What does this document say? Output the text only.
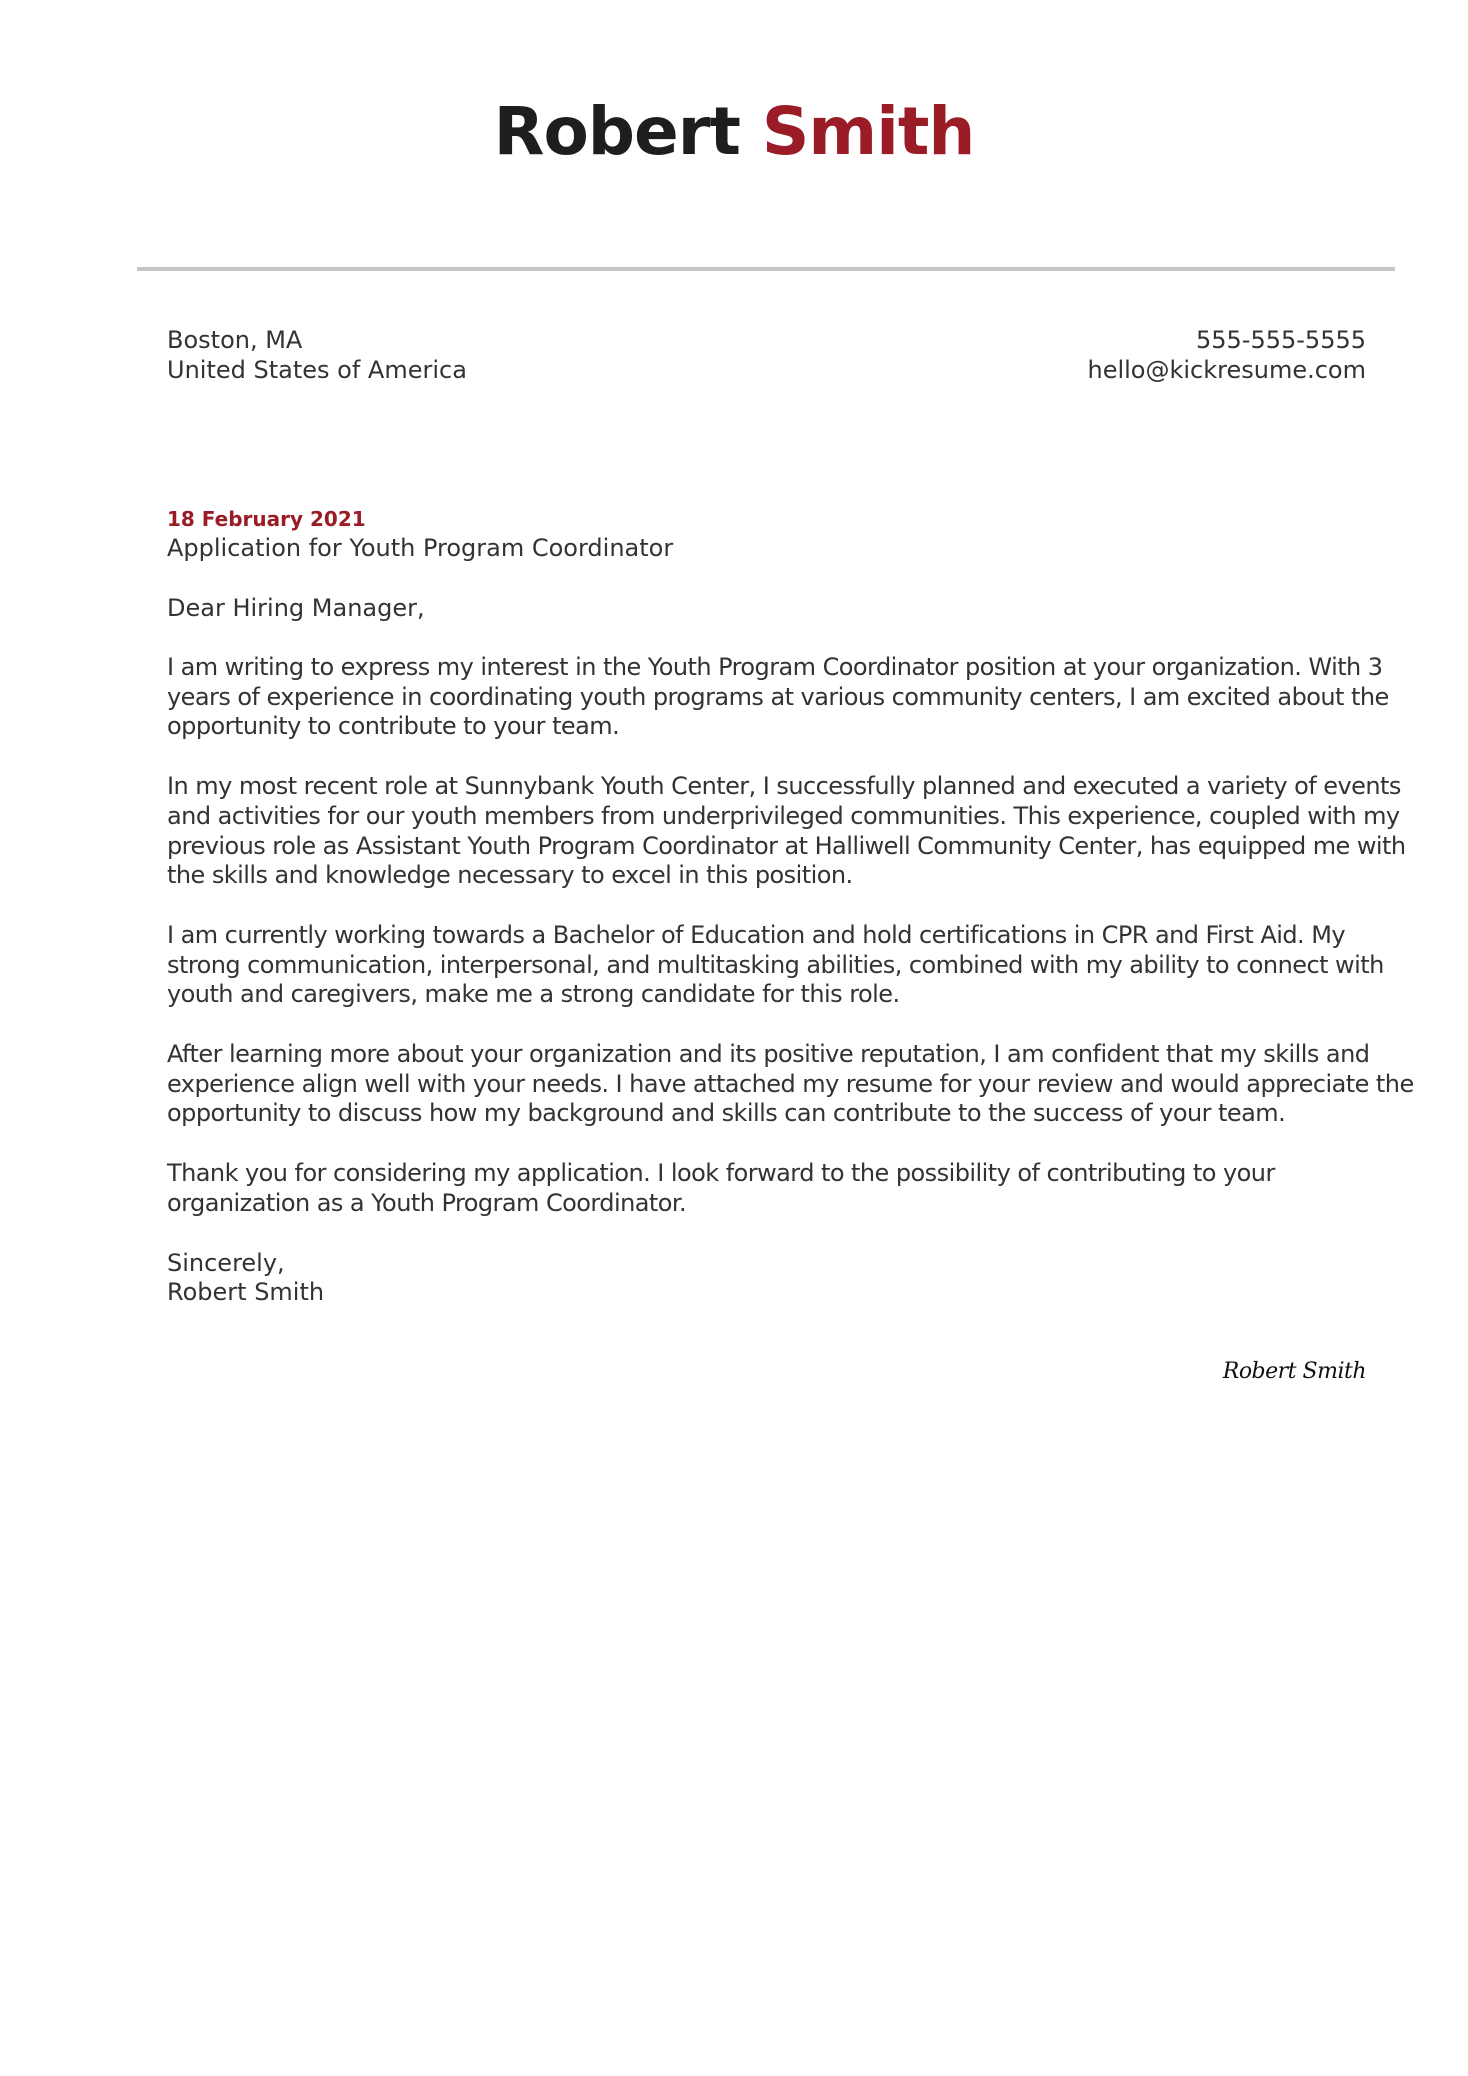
Robert Smith
Boston, MA
United States of America
555-555-5555
hello@kickresume.com
18 February 2021
Application for Youth Program Coordinator
Dear Hiring Manager,
I am writing to express my interest in the Youth Program Coordinator position at your organization. With 3
years of experience in coordinating youth programs at various community centers, I am excited about the
opportunity to contribute to your team.
In my most recent role at Sunnybank Youth Center, I successfully planned and executed a variety of events
and activities for our youth members from underprivileged communities. This experience, coupled with my
previous role as Assistant Youth Program Coordinator at Halliwell Community Center, has equipped me with
the skills and knowledge necessary to excel in this position.
I am currently working towards a Bachelor of Education and hold certifications in CPR and First Aid. My
strong communication, interpersonal, and multitasking abilities, combined with my ability to connect with
youth and caregivers, make me a strong candidate for this role.
After learning more about your organization and its positive reputation, I am confident that my skills and
experience align well with your needs. I have attached my resume for your review and would appreciate the
opportunity to discuss how my background and skills can contribute to the success of your team.
Thank you for considering my application. I look forward to the possibility of contributing to your
organization as a Youth Program Coordinator.
Sincerely,
Robert Smith
Robert Smith
